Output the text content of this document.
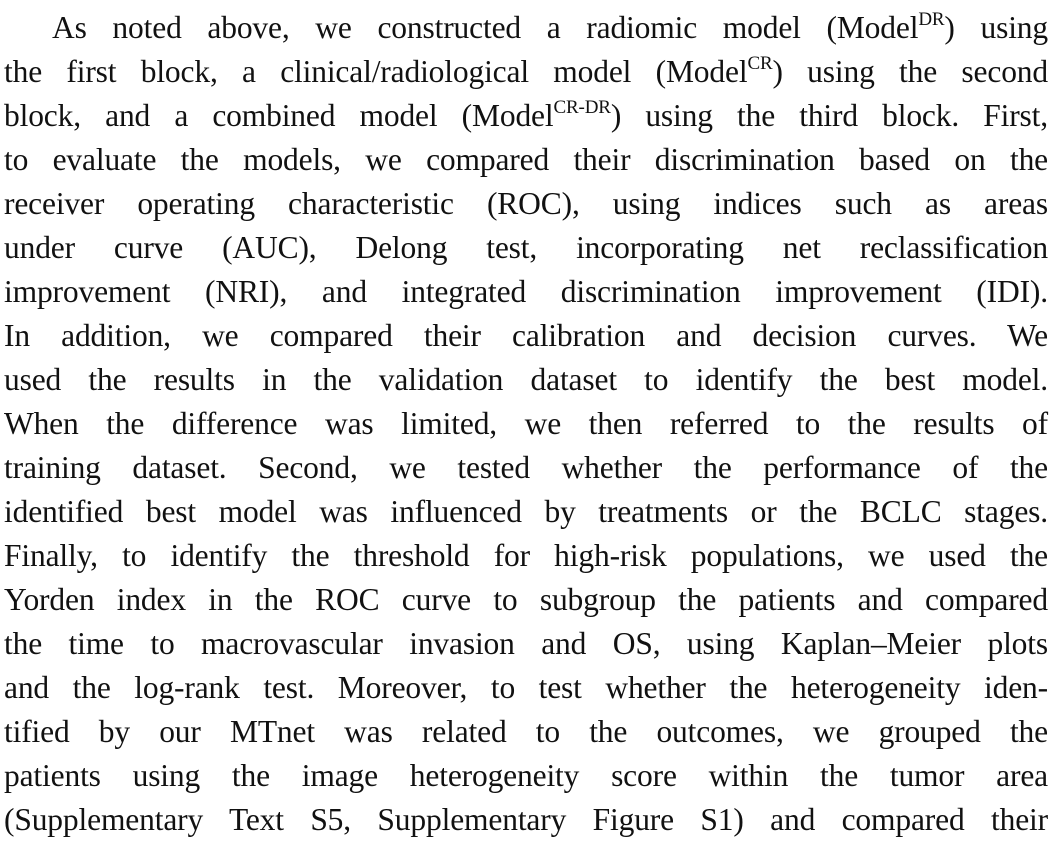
As noted above, we constructed a radiomic model (Model$^{DR}$) using
the first block, a clinical/radiological model (Model$^{CR}$) using the second
block, and a combined model (Model$^{CR-DR}$) using the third block. First,
to evaluate the models, we compared their discrimination based on the
receiver operating characteristic (ROC), using indices such as areas
under curve (AUC), Delong test, incorporating net reclassification
improvement (NRI), and integrated discrimination improvement (IDI).
In addition, we compared their calibration and decision curves. We
used the results in the validation dataset to identify the best model.
When the difference was limited, we then referred to the results of
training dataset. Second, we tested whether the performance of the
identified best model was influenced by treatments or the BCLC stages.
Finally, to identify the threshold for high-risk populations, we used the
Yorden index in the ROC curve to subgroup the patients and compared
the time to macrovascular invasion and OS, using Kaplan–Meier plots
and the log-rank test. Moreover, to test whether the heterogeneity iden-
tified by our MTnet was related to the outcomes, we grouped the
patients using the image heterogeneity score within the tumor area
(Supplementary Text S5, Supplementary Figure S1) and compared their
